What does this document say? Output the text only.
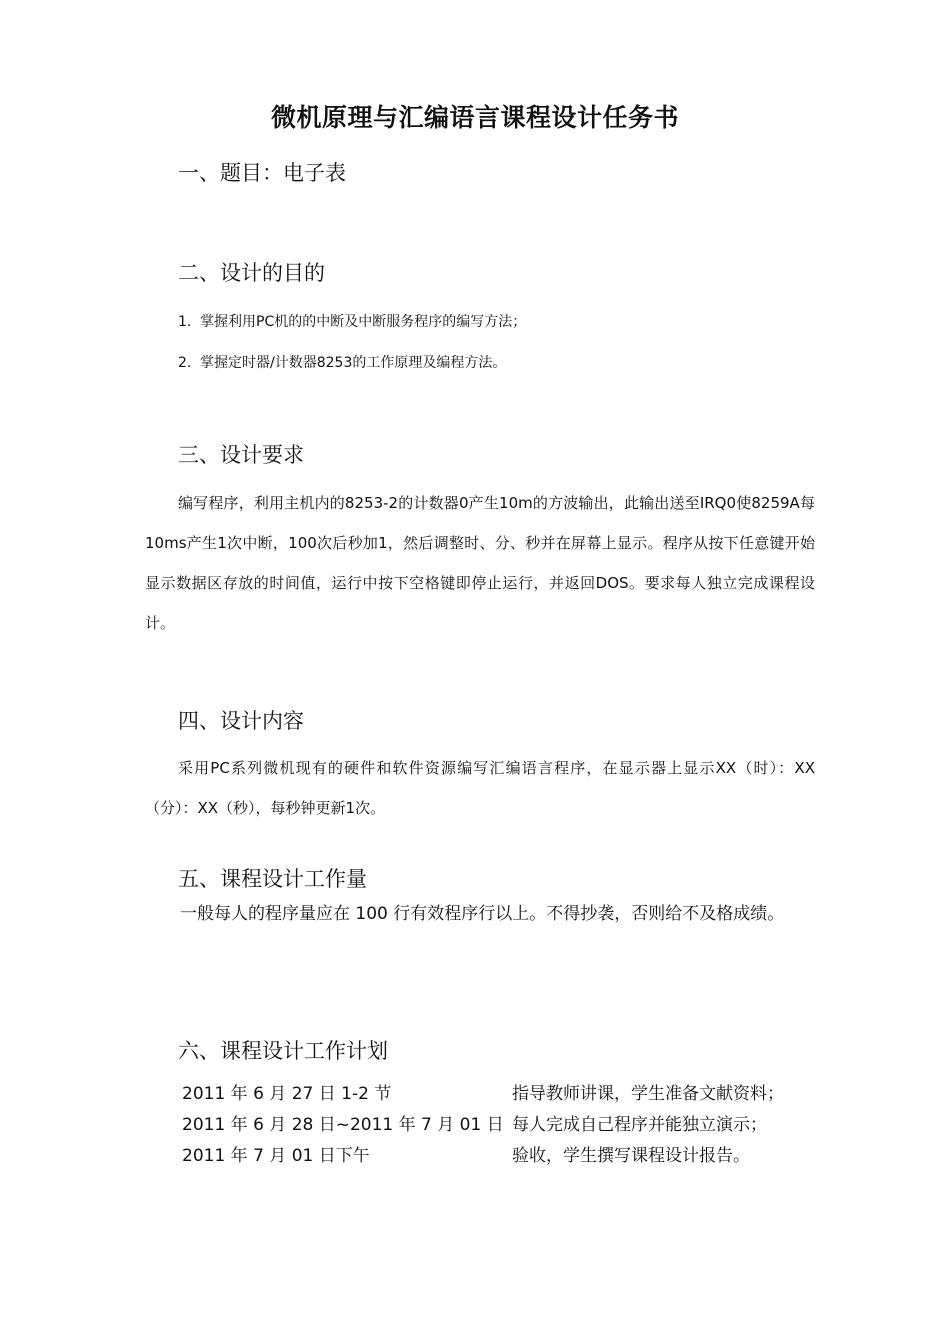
微机原理与汇编语言课程设计任务书
一、题目：电子表
二、设计的目的
1. 掌握利用PC机的的中断及中断服务程序的编写方法；
2. 掌握定时器/计数器8253的工作原理及编程方法。
三、设计要求
编写程序，利用主机内的8253-2的计数器0产生10m的方波输出，此输出送至IRQ0使8259A每10ms产生1次中断，100次后秒加1，然后调整时、分、秒并在屏幕上显示。程序从按下任意键开始显示数据区存放的时间值，运行中按下空格键即停止运行，并返回DOS。要求每人独立完成课程设计。
四、设计内容
采用PC系列微机现有的硬件和软件资源编写汇编语言程序，在显示器上显示XX（时）：XX（分）：XX（秒），每秒钟更新1次。
五、课程设计工作量
一般每人的程序量应在 100 行有效程序行以上。不得抄袭，否则给不及格成绩。
六、课程设计工作计划
2011 年 6 月 27 日 1-2 节	指导教师讲课，学生准备文献资料；
2011 年 6 月 28 日~2011 年 7 月 01 日 每人完成自己程序并能独立演示；
2011 年 7 月 01 日下午	验收，学生撰写课程设计报告。
